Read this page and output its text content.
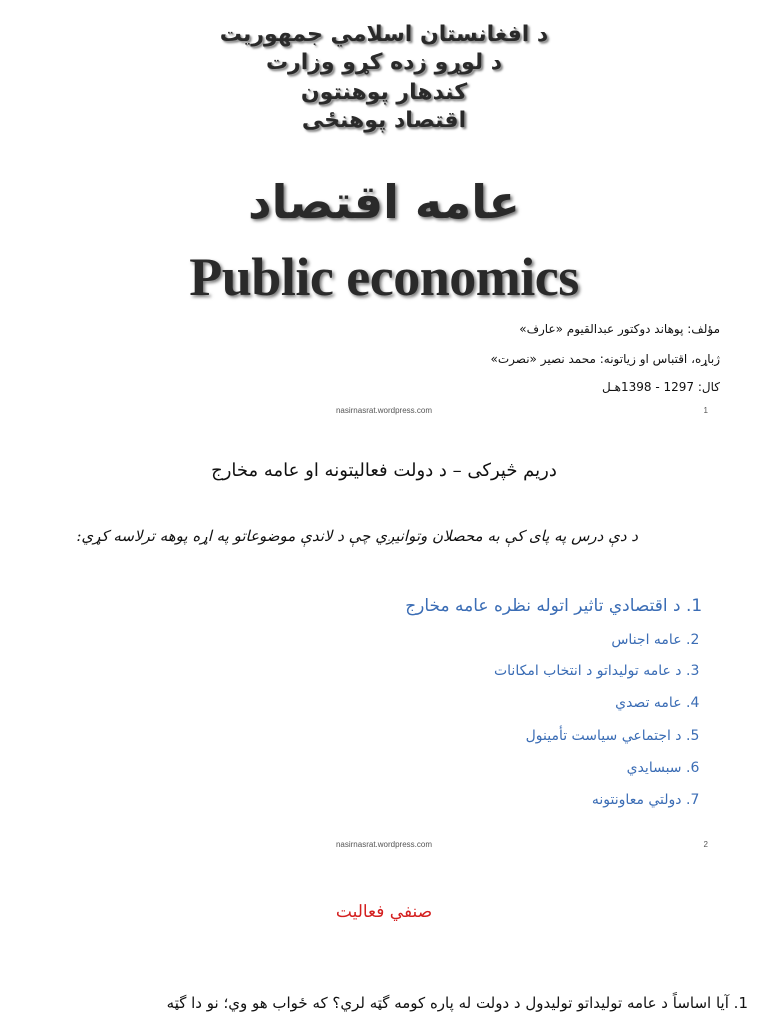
د افغانستان اسلامي جمهوریت
د لوړو زده کړو وزارت
کندهار پوهنتون
اقتصاد پوهنځی
عامه اقتصاد
Public economics
مؤلف: پوهاند دوکتور عبدالقیوم «عارف»
ژباړه، اقتباس او زیاتونه: محمد نصیر «نصرت»
کال: 1297 - 1398هـل
nasirnasrat.wordpress.com	1
دریم څپرکی – د دولت فعالیتونه او عامه مخارج
د دې درس په پای کې به محصلان وتوانیږي چې د لاندې موضوعاتو په اړه پوهه ترلاسه کړي:
1. د اقتصادي تاثیر اتوله نظره عامه مخارج
2. عامه اجناس
3. د عامه تولیداتو د انتخاب امکانات
4. عامه تصدي
5. د اجتماعي سیاست تأمینول
6. سبسایدي
7. دولتي معاونتونه
nasirnasrat.wordpress.com	2
صنفي فعالیت
1. آیا اساساً د عامه تولیداتو تولیدول د دولت له پاره کومه گټه لري؟ که ځواب هو وي؛ نو دا گټه
